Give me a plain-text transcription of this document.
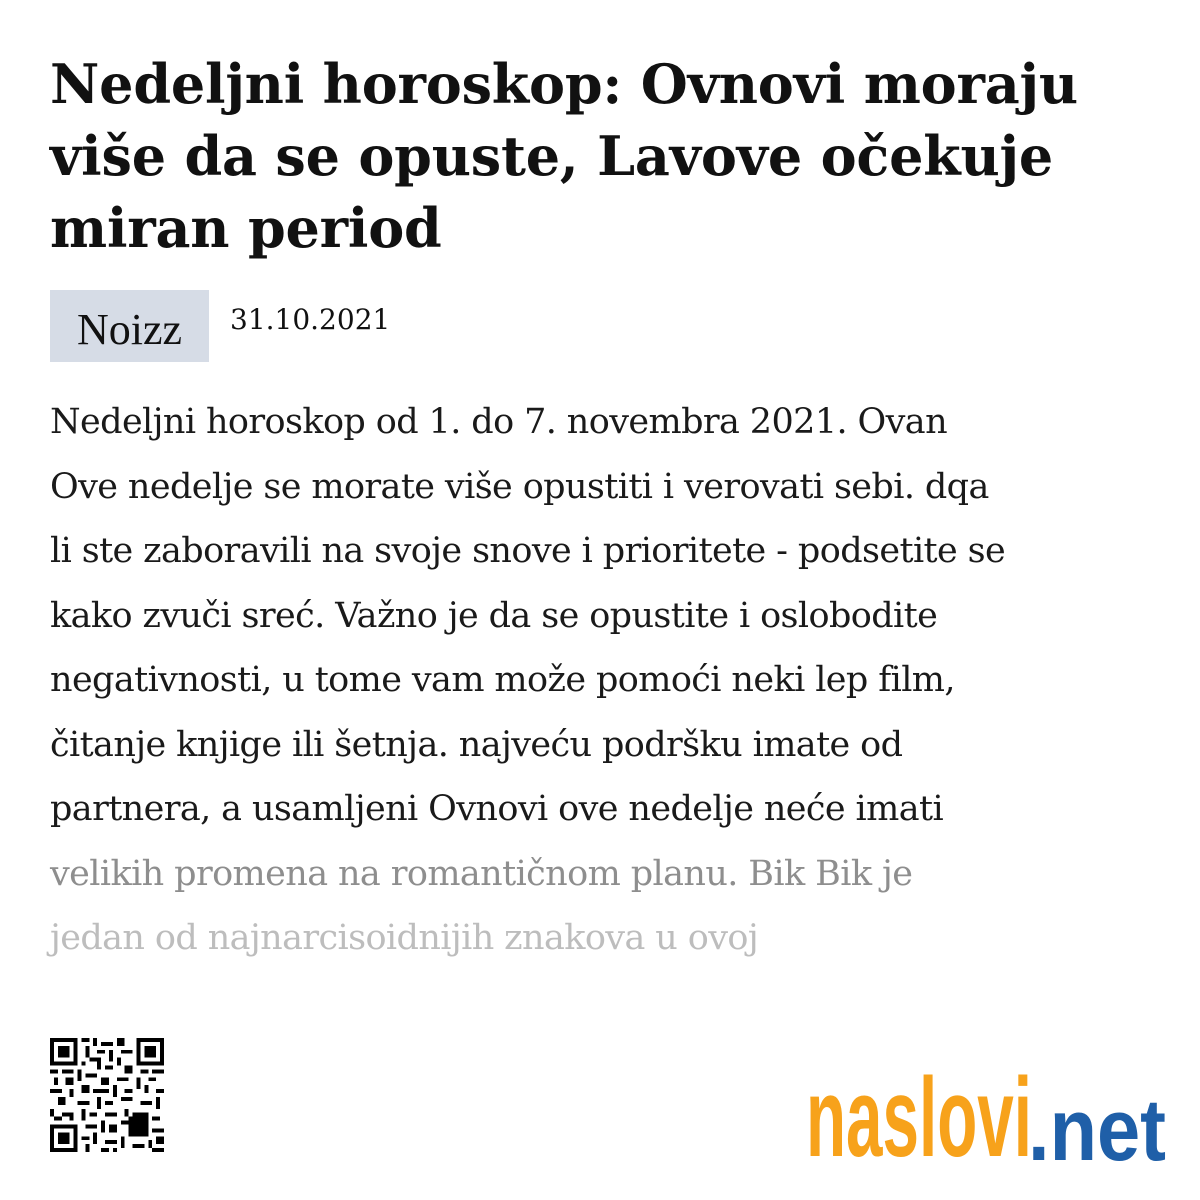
Nedeljni horoskop: Ovnovi moraju više da se opuste, Lavove očekuje miran period
Noizz	31.10.2021
Nedeljni horoskop od 1. do 7. novembra 2021. Ovan
Ove nedelje se morate više opustiti i verovati sebi. dqa
li ste zaboravili na svoje snove i prioritete - podsetite se
kako zvuči sreć. Važno je da se opustite i oslobodite
negativnosti, u tome vam može pomoći neki lep film,
čitanje knjige ili šetnja. najveću podršku imate od
partnera, a usamljeni Ovnovi ove nedelje neće imati
velikih promena na romantičnom planu. Bik Bik je
jedan od najnarcisoidnijih znakova u ovoj
naslovi
.net
